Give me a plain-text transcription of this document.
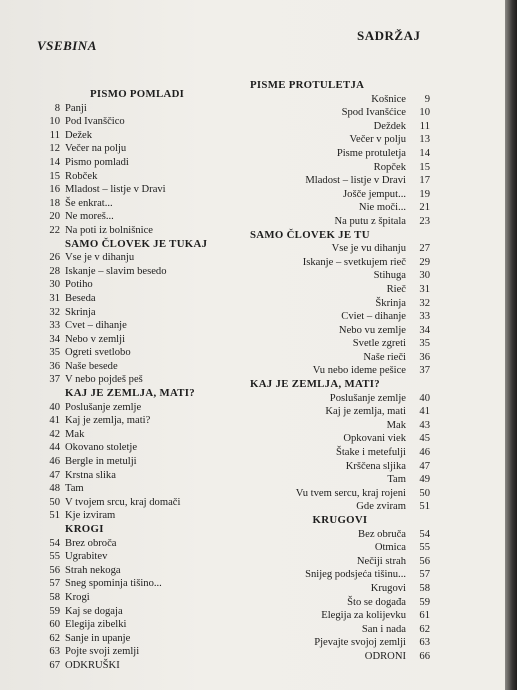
VSEBINA
SADRŽAJ
PISMO POMLADI
8 Panji
10 Pod Ivanščico
11 Dežek
12 Večer na polju
14 Pismo pomladi
15 Robček
16 Mladost – listje v Dravi
18 Še enkrat...
20 Ne moreš...
22 Na poti iz bolnišnice
SAMO ČLOVEK JE TUKAJ
26 Vse je v dihanju
28 Iskanje – slavim besedo
30 Potiho
31 Beseda
32 Skrinja
33 Cvet – dihanje
34 Nebo v zemlji
35 Ogreti svetlobo
36 Naše besede
37 V nebo pojdeš peš
KAJ JE ZEMLJA, MATI?
40 Poslušanje zemlje
41 Kaj je zemlja, mati?
42 Mak
44 Okovano stoletje
46 Bergle in metulji
47 Krstna slika
48 Tam
50 V tvojem srcu, kraj domači
51 Kje izviram
KROGI
54 Brez obroča
55 Ugrabitev
56 Strah nekoga
57 Sneg spominja tišino...
58 Krogi
59 Kaj se dogaja
60 Elegija zibelki
62 Sanje in upanje
63 Pojte svoji zemlji
67 ODKRUŠKI
PISME PROTULETJA
Košnice	9
Spod Ivanšćice	10
Deždek	11
Večer v polju	13
Pisme protuletja	14
Ropček	15
Mladost – listje v Dravi	17
Jošče jemput...	19
Nie moči...	21
Na putu z špitala	23
SAMO ČLOVEK JE TU
Vse je vu dihanju	27
Iskanje – svetkujem rieč	29
Stihuga	30
Rieč	31
Škrinja	32
Cviet – dihanje	33
Nebo vu zemlje	34
Svetle zgreti	35
Naše rieči	36
Vu nebo ideme pešice	37
KAJ JE ZEMLJA, MATI?
Poslušanje zemlje	40
Kaj je zemlja, mati	41
Mak	43
Opkovani viek	45
Štake i metefulji	46
Krščena sljika	47
Tam	49
Vu tvem sercu, kraj rojeni	50
Gde zviram	51
KRUGOVI
Bez obruča	54
Otmica	55
Nečiji strah	56
Snijeg podsjeća tišinu...	57
Krugovi	58
Što se događa	59
Elegija za kolijevku	61
San i nada	62
Pjevajte svojoj zemlji	63
ODRONI	66
